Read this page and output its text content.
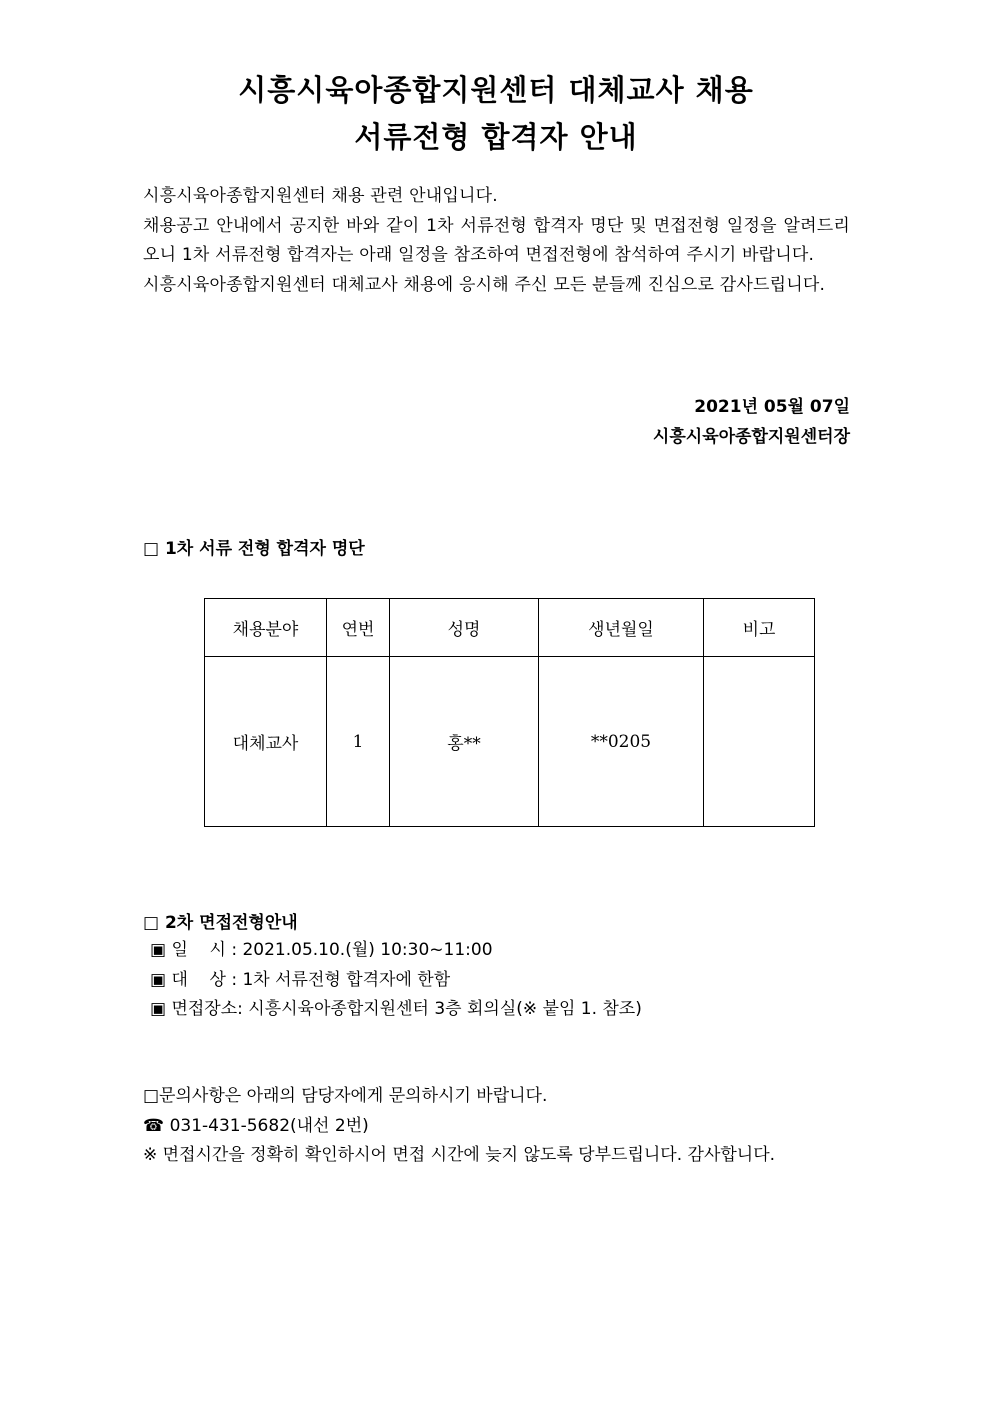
시흥시육아종합지원센터 대체교사 채용
서류전형 합격자 안내

시흥시육아종합지원센터 채용 관련 안내입니다.

채용공고 안내에서 공지한 바와 같이 1차 서류전형 합격자 명단 및 면접전형 일정을 알려드리오니 1차 서류전형 합격자는 아래 일정을 참조하여 면접전형에 참석하여 주시기 바랍니다.

시흥시육아종합지원센터 대체교사 채용에 응시해 주신 모든 분들께 진심으로 감사드립니다.

2021년 05월 07일
시흥시육아종합지원센터장
□ 1차 서류 전형 합격자 명단
채용분야	연번	성명	생년월일	비고
대체교사	1	홍**	**0205	
□ 2차 면접전형안내
▣ 일    시 : 2021.05.10.(월) 10:30~11:00
▣ 대    상 : 1차 서류전형 합격자에 한함
▣ 면접장소: 시흥시육아종합지원센터 3층 회의실(※ 붙임 1. 참조)
□문의사항은 아래의 담당자에게 문의하시기 바랍니다.
☎ 031-431-5682(내선 2번)
※ 면접시간을 정확히 확인하시어 면접 시간에 늦지 않도록 당부드립니다. 감사합니다.
